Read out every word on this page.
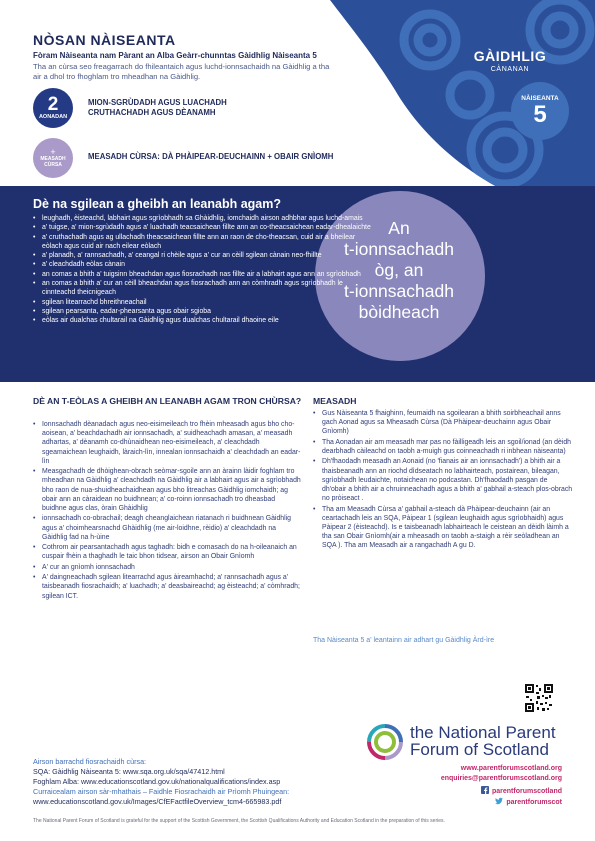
NÒSAN NÀISEANTA
Fòram Nàiseanta nam Pàrant an Alba Geàrr-chunntas Gàidhlig Nàiseanta 5
Tha an cùrsa seo freagarrach do fhileantaich agus luchd-ionnsachaidh na Gàidhlig a tha air a dhol tro fhoghlam tro mheadhan na Gàidhlig.
2
AONADAN
MION-SGRÙDADH AGUS LUACHADH
CRUTHACHADH AGUS DÈANAMH
+
MEASADH
CÙRSA
MEASADH CÙRSA: DÀ PHÀIPEAR-DEUCHAINN + OBAIR GNÌOMH
GÀIDHLIG
CÀNANAN
NÀISEANTA
5
Dè na sgilean a gheibh an leanabh agam?
• leughadh, èisteachd, labhairt agus sgrìobhadh sa Ghàidhlig, iomchaidh airson adhbhar agus luchd-amais
• a' tuigse, a' mion-sgrùdadh agus a' luachadh teacsaichean fillte ann an co-theacsaichean eadar-dhealaichte
• a' cruthachadh agus ag ullachadh theacsaichean fillte ann an raon de cho-theacsan, cuid air a bheilear eòlach agus cuid air nach eilear eòlach
• a' planadh, a' rannsachadh, a' ceangal ri chèile agus a' cur an cèill sgilean cànain neo-fhillte
• a' cleachdadh eòlas cànain
• an comas a bhith a' tuigsinn bheachdan agus fiosrachadh nas fillte air a labhairt agus ann an sgrìobhadh
• an comas a bhith a' cur an cèill bheachdan agus fiosrachadh ann an còmhradh agus sgrìobhadh le cinnteachd theicnigeach
• sgilean litearrachd bhreithneachail
• sgilean pearsanta, eadar-phearsanta agus obair sgioba
• eòlas air dualchas chultarail na Gàidhlig agus dualchas chultarail dhaoine eile
An
t-ionnsachadh
òg, an
t-ionnsachadh
bòidheach
DÈ AN T-EÒLAS A GHEIBH AN LEANABH AGAM TRON CHÙRSA?
• Ionnsachadh dèanadach agus neo-eisimeileach tro fhèin mheasadh agus bho cho-aoisean, a' beachdachadh air ionnsachadh, a' suidheachadh amasan, a' measadh adhartas, a' dèanamh co-dhùnaidhean neo-eisimeileach, a' cleachdadh sgeamaichean leughaidh, làraich-lìn, innealan ionnsachaidh a' cleachdadh an eadar-lìn
• Measgachadh de dhòighean-obrach seòmar-sgoile ann an àrainn làidir foghlam tro mheadhan na Gàidhlig a' cleachdadh na Gàidhlig air a labhairt agus air a sgrìobhadh bho raon de nua-shuidheachaidhean agus bho litreachas Gàidhlig iomchaidh; ag obair ann an càraidean no buidhnean; a' co-roinn ionnsachadh tro dheasbad buidhne agus clas, òrain Ghàidhlig
• ionnsachadh co-obrachail; deagh cheanglaichean riatanach ri buidhnean Gàidhlig agus a' choimhearsnachd Ghàidhlig (me air-loidhne, rèidio) a' cleachdadh na Gàidhlig fad na h-ùine
• Cothrom air pearsantachadh agus taghadh: bidh e comasach do na h-oileanaich an cuspair fhèin a thaghadh le taic bhon tidsear, airson an Obair Gnìomh
• A' cur an gnìomh ionnsachadh
• A' daingneachadh sgilean litearrachd agus àireamhachd; a' rannsachadh agus a' taisbeanadh fiosrachaidh; a' luachadh; a' deasbaireachd; ag èisteachd; a' còmhradh; sgilean ICT.
MEASADH
• Gus Nàiseanta 5 fhaighinn, feumaidh na sgoilearan a bhith soirbheachail anns gach Aonad agus sa Mheasadh Cùrsa (Dà Phàipear-deuchainn agus Obair Gnìomh)
• Tha Aonadan air am measadh mar pas no fàilligeadh leis an sgoil/ionad (an dèidh dearbhadh càileachd on taobh a-muigh gus coinneachadh ri inbhean nàiseanta)
• Dh'fhaodadh measadh an Aonaid (no 'fianais air an ionnsachadh') a bhith air a thaisbeanadh ann an riochd dìdseatach no labhairteach, postairean, bileagan, sgrìobhadh leudaichte, notaichean no podcastan. Dh'fhaodadh pasgan de dh'obair a bhith air a chruinneachadh agus a bhith a' gabhail a-steach plos-obrach no pròiseact .
• Tha am Measadh Cùrsa a' gabhail a-steach dà Phàipear-deuchainn (air an ceartachadh leis an SQA, Pàipear 1 (sgilean leughaidh agus sgrìobhaidh) agus Pàipear 2 (èisteachd). Is e taisbeanadh labhairteach le ceistean an dèidh làimh a tha san Obair Gnìomh(air a mheasadh on taobh a-staigh a rèir seòladhean an SQA ). Tha am Measadh air a rangachadh A gu D.
Tha Nàiseanta 5 a' leantainn air adhart gu Gàidhlig Àrd-ìre
the National Parent
Forum of Scotland
www.parentforumscotland.org
enquiries@parentforumscotland.org
parentforumscotland
parentforumscot
Airson barrachd fiosrachaidh cùrsa:
SQA: Gàidhlig Nàiseanta 5: www.sqa.org.uk/sqa/47412.html
Foghlam Alba: www.educationscotland.gov.uk/nationalqualifications/index.asp
Curraicealam airson sàr-mhathais – Faidhle Fiosrachaidh air Prìomh Phuingean:
www.educationscotland.gov.uk/Images/CfEFactfileOverview_tcm4-665983.pdf
The National Parent Forum of Scotland is grateful for the support of the Scottish Government, the Scottish Qualifications Authority and Education Scotland in the preparation of this series.
